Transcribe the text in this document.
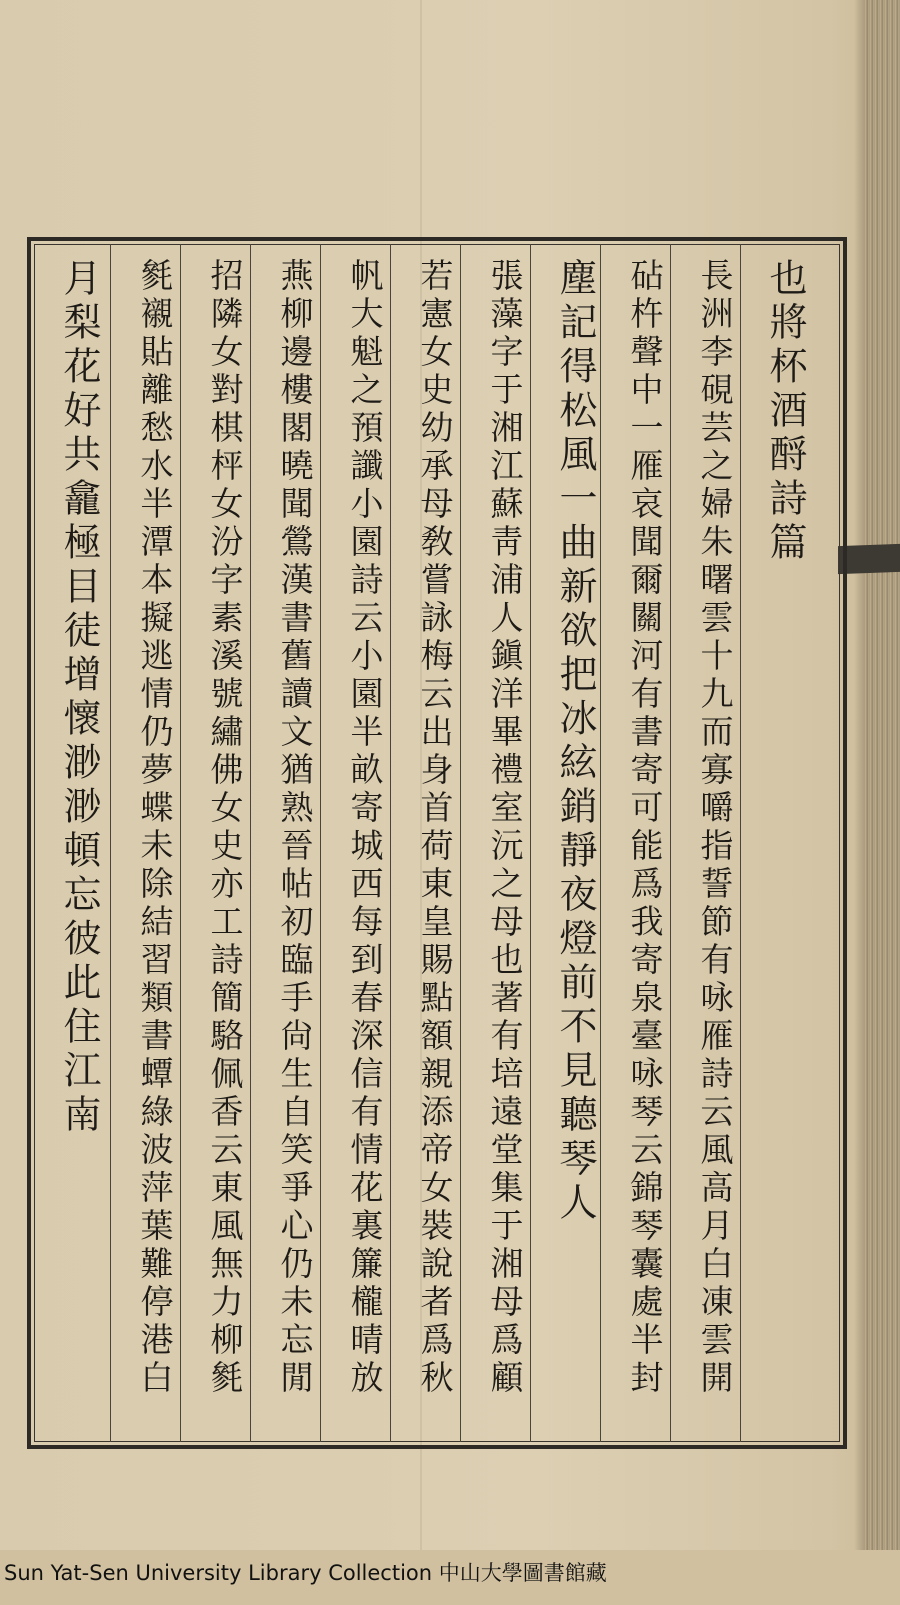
也將杯酒酹詩篇
長洲李硯芸之婦朱曙雲十九而寡嚼指誓節有咏雁詩云風高月白凍雲開
砧杵聲中一雁哀聞爾關河有書寄可能爲我寄泉臺咏琴云錦琴囊處半封
塵記得松風一曲新欲把冰絃銷靜夜燈前不見聽琴人
張藻字于湘江蘇靑浦人鎭洋畢禮室沅之母也著有培遠堂集于湘母爲顧
若憲女史幼承母敎嘗詠梅云出身首荷東皇賜點額親添帝女裝說者爲秋
帆大魁之預讖小園詩云小園半畝寄城西每到春深信有情花裏簾櫳晴放
燕柳邊樓閣曉聞鶯漢書舊讀文猶熟晉帖初臨手尙生自笑爭心仍未忘閒
招隣女對棋枰女汾字素溪號繡佛女史亦工詩簡駱佩香云東風無力柳毿
毿襯貼離愁水半潭本擬逃情仍夢蝶未除結習類書蟫綠波萍葉難停港白
月梨花好共龕極目徒增懷渺渺頓忘彼此住江南
Sun Yat-Sen University Library Collection 中山大學圖書館藏
